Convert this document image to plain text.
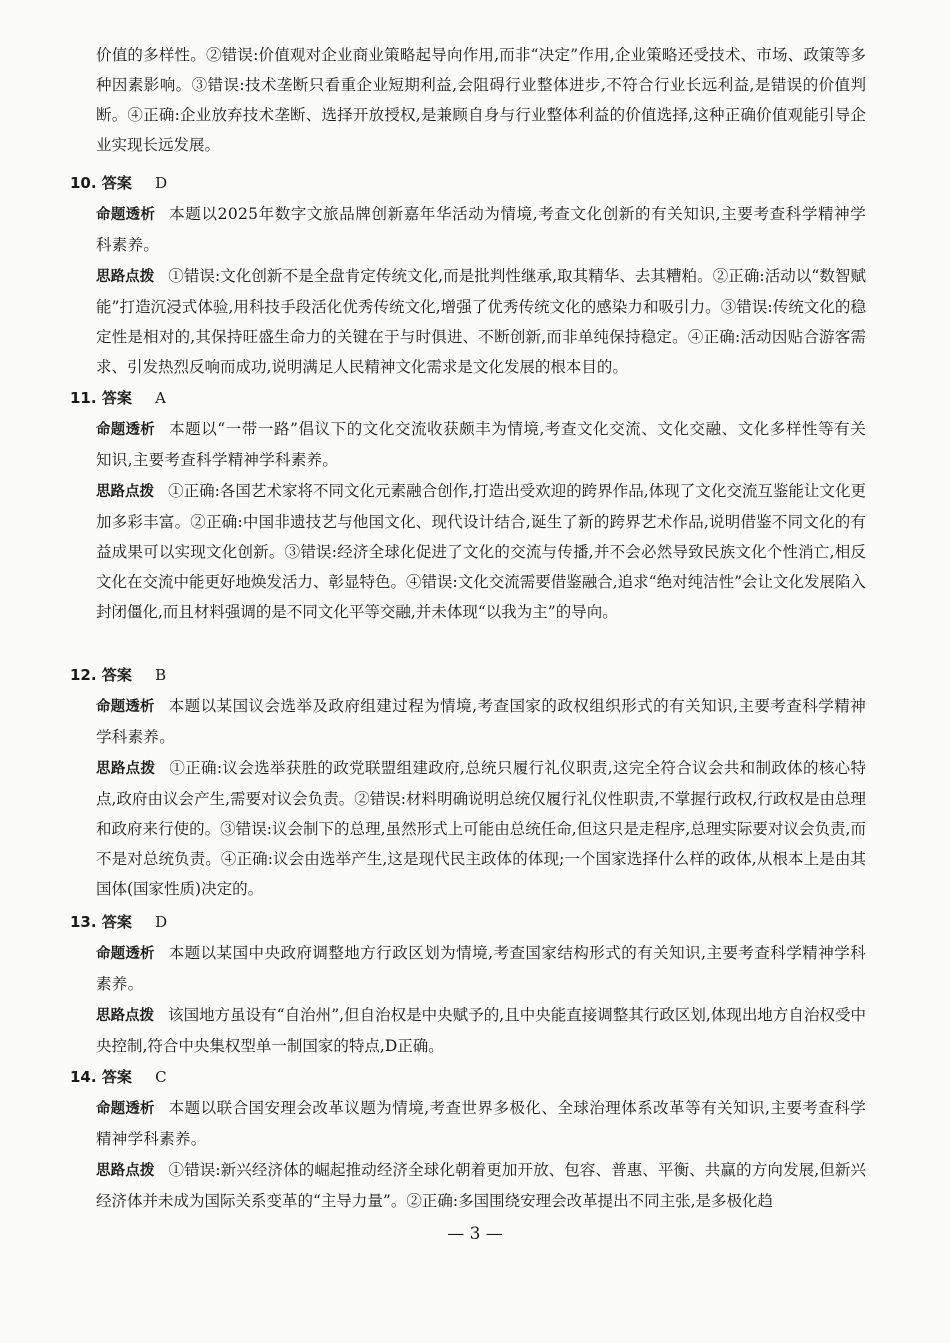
价值的多样性。②错误:价值观对企业商业策略起导向作用,而非“决定”作用,企业策略还受技术、市场、政策等多种因素影响。③错误:技术垄断只看重企业短期利益,会阻碍行业整体进步,不符合行业长远利益,是错误的价值判断。④正确:企业放弃技术垄断、选择开放授权,是兼顾自身与行业整体利益的价值选择,这种正确价值观能引导企业实现长远发展。

10. 答案 D

命题透析 本题以2025年数字文旅品牌创新嘉年华活动为情境,考查文化创新的有关知识,主要考查科学精神学科素养。

思路点拨 ①错误:文化创新不是全盘肯定传统文化,而是批判性继承,取其精华、去其糟粕。②正确:活动以“数智赋能”打造沉浸式体验,用科技手段活化优秀传统文化,增强了优秀传统文化的感染力和吸引力。③错误:传统文化的稳定性是相对的,其保持旺盛生命力的关键在于与时俱进、不断创新,而非单纯保持稳定。④正确:活动因贴合游客需求、引发热烈反响而成功,说明满足人民精神文化需求是文化发展的根本目的。

11. 答案 A

命题透析 本题以“一带一路”倡议下的文化交流收获颇丰为情境,考查文化交流、文化交融、文化多样性等有关知识,主要考查科学精神学科素养。

思路点拨 ①正确:各国艺术家将不同文化元素融合创作,打造出受欢迎的跨界作品,体现了文化交流互鉴能让文化更加多彩丰富。②正确:中国非遗技艺与他国文化、现代设计结合,诞生了新的跨界艺术作品,说明借鉴不同文化的有益成果可以实现文化创新。③错误:经济全球化促进了文化的交流与传播,并不会必然导致民族文化个性消亡,相反文化在交流中能更好地焕发活力、彰显特色。④错误:文化交流需要借鉴融合,追求“绝对纯洁性”会让文化发展陷入封闭僵化,而且材料强调的是不同文化平等交融,并未体现“以我为主”的导向。

12. 答案 B

命题透析 本题以某国议会选举及政府组建过程为情境,考查国家的政权组织形式的有关知识,主要考查科学精神学科素养。

思路点拨 ①正确:议会选举获胜的政党联盟组建政府,总统只履行礼仪职责,这完全符合议会共和制政体的核心特点,政府由议会产生,需要对议会负责。②错误:材料明确说明总统仅履行礼仪性职责,不掌握行政权,行政权是由总理和政府来行使的。③错误:议会制下的总理,虽然形式上可能由总统任命,但这只是走程序,总理实际要对议会负责,而不是对总统负责。④正确:议会由选举产生,这是现代民主政体的体现;一个国家选择什么样的政体,从根本上是由其国体(国家性质)决定的。

13. 答案 D

命题透析 本题以某国中央政府调整地方行政区划为情境,考查国家结构形式的有关知识,主要考查科学精神学科素养。

思路点拨 该国地方虽设有“自治州”,但自治权是中央赋予的,且中央能直接调整其行政区划,体现出地方自治权受中央控制,符合中央集权型单一制国家的特点,D正确。

14. 答案 C

命题透析 本题以联合国安理会改革议题为情境,考查世界多极化、全球治理体系改革等有关知识,主要考查科学精神学科素养。

思路点拨 ①错误:新兴经济体的崛起推动经济全球化朝着更加开放、包容、普惠、平衡、共赢的方向发展,但新兴经济体并未成为国际关系变革的“主导力量”。②正确:多国围绕安理会改革提出不同主张,是多极化趋

— 3 —
